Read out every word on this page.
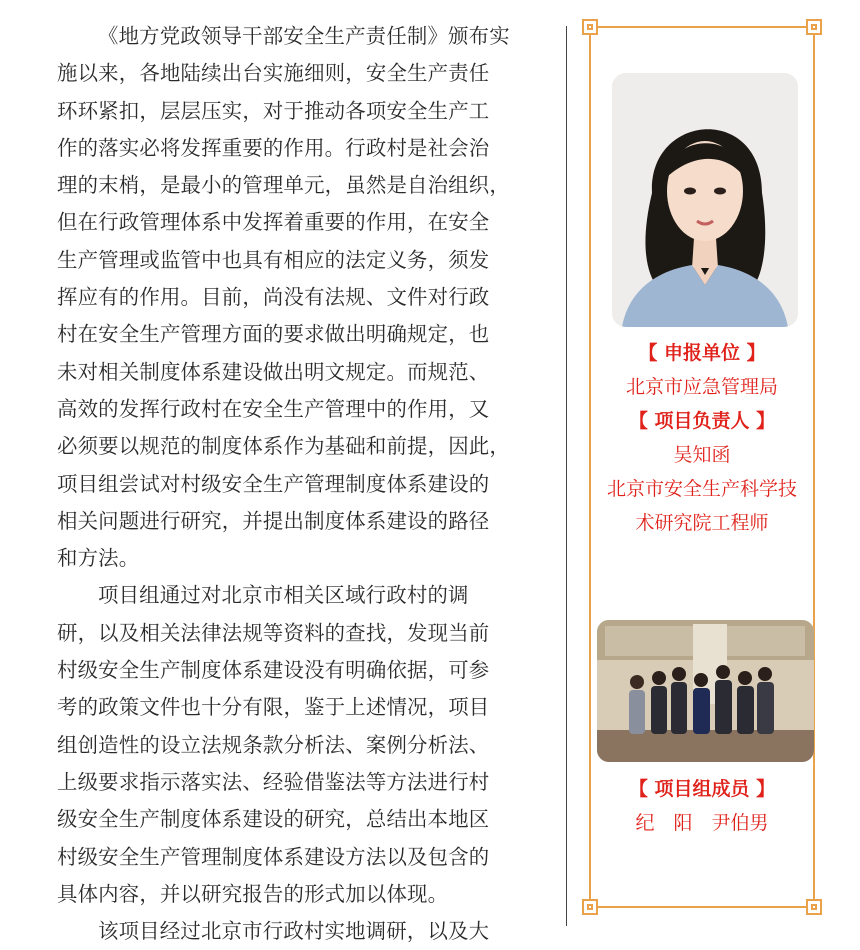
《地方党政领导干部安全生产责任制》颁布实
施以来，各地陆续出台实施细则，安全生产责任
环环紧扣，层层压实，对于推动各项安全生产工
作的落实必将发挥重要的作用。行政村是社会治
理的末梢，是最小的管理单元，虽然是自治组织，
但在行政管理体系中发挥着重要的作用，在安全
生产管理或监管中也具有相应的法定义务，须发
挥应有的作用。目前，尚没有法规、文件对行政
村在安全生产管理方面的要求做出明确规定，也
未对相关制度体系建设做出明文规定。而规范、
高效的发挥行政村在安全生产管理中的作用，又
必须要以规范的制度体系作为基础和前提，因此，
项目组尝试对村级安全生产管理制度体系建设的
相关问题进行研究，并提出制度体系建设的路径
和方法。

项目组通过对北京市相关区域行政村的调
研，以及相关法律法规等资料的查找，发现当前
村级安全生产制度体系建设没有明确依据，可参
考的政策文件也十分有限，鉴于上述情况，项目
组创造性的设立法规条款分析法、案例分析法、
上级要求指示落实法、经验借鉴法等方法进行村
级安全生产制度体系建设的研究，总结出本地区
村级安全生产管理制度体系建设方法以及包含的
具体内容，并以研究报告的形式加以体现。

该项目经过北京市行政村实地调研，以及大

【 申报单位 】
北京市应急管理局
【 项目负责人 】
吴知函
北京市安全生产科学技
术研究院工程师
【 项目组成员 】
纪　阳　尹伯男
